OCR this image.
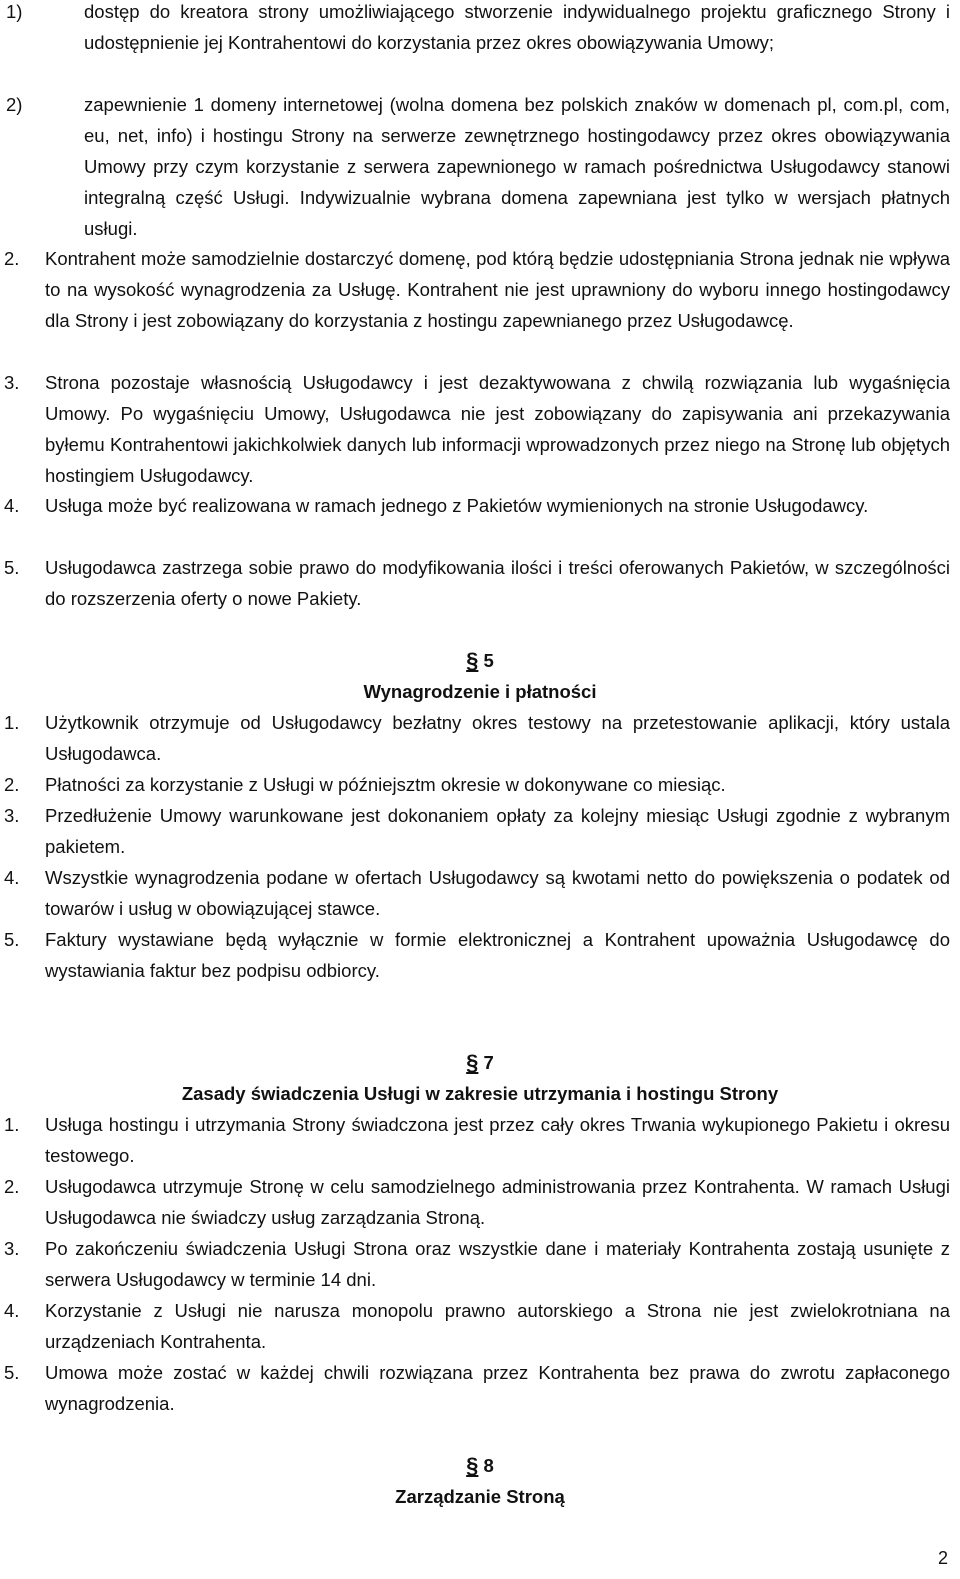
1)	dostęp do kreatora strony umożliwiającego stworzenie indywidualnego projektu graficznego Strony i udostępnienie jej Kontrahentowi do korzystania przez okres obowiązywania Umowy;
2)	zapewnienie 1 domeny internetowej (wolna domena bez polskich znaków w domenach pl, com.pl, com, eu, net, info) i hostingu Strony na serwerze zewnętrznego hostingodawcy przez okres obowiązywania Umowy przy czym korzystanie z serwera zapewnionego w ramach pośrednictwa Usługodawcy stanowi integralną część Usługi. Indywizualnie wybrana domena zapewniana jest tylko w wersjach płatnych usługi.
2.	Kontrahent może samodzielnie dostarczyć domenę, pod którą będzie udostępniania Strona jednak nie wpływa to na wysokość wynagrodzenia za Usługę. Kontrahent nie jest uprawniony do wyboru innego hostingodawcy dla Strony i jest zobowiązany do korzystania z hostingu zapewnianego przez Usługodawcę.
3.	Strona pozostaje własnością Usługodawcy i jest dezaktywowana z chwilą rozwiązania lub wygaśnięcia Umowy. Po wygaśnięciu Umowy, Usługodawca nie jest zobowiązany do zapisywania ani przekazywania byłemu Kontrahentowi jakichkolwiek danych lub informacji wprowadzonych przez niego na Stronę lub objętych hostingiem Usługodawcy.
4.	Usługa może być realizowana w ramach jednego z Pakietów wymienionych na stronie Usługodawcy.
5.	Usługodawca zastrzega sobie prawo do modyfikowania ilości i treści oferowanych Pakietów, w szczególności do rozszerzenia oferty o nowe Pakiety.
§ 5
Wynagrodzenie i płatności
1.	Użytkownik otrzymuje od Usługodawcy bezłatny okres testowy na przetestowanie aplikacji, który ustala Usługodawca.
2.	Płatności za korzystanie z Usługi w późniejsztm okresie w dokonywane co miesiąc.
3.	Przedłużenie Umowy warunkowane jest dokonaniem opłaty za kolejny miesiąc Usługi zgodnie z wybranym pakietem.
4.	Wszystkie wynagrodzenia podane w ofertach Usługodawcy są kwotami netto do powiększenia o podatek od towarów i usług w obowiązującej stawce.
5.	Faktury wystawiane będą wyłącznie w formie elektronicznej a Kontrahent upoważnia Usługodawcę do wystawiania faktur bez podpisu odbiorcy.
§ 7
Zasady świadczenia Usługi w zakresie utrzymania i hostingu Strony
1.	Usługa hostingu i utrzymania Strony świadczona jest przez cały okres Trwania wykupionego Pakietu i okresu testowego.
2.	Usługodawca utrzymuje Stronę w celu samodzielnego administrowania przez Kontrahenta. W ramach Usługi Usługodawca nie świadczy usług zarządzania Stroną.
3.	Po zakończeniu świadczenia Usługi Strona oraz wszystkie dane i materiały Kontrahenta zostają usunięte z serwera Usługodawcy w terminie 14 dni.
4.	Korzystanie z Usługi nie narusza monopolu prawno autorskiego a Strona nie jest zwielokrotniana na urządzeniach Kontrahenta.
5.	Umowa może zostać w każdej chwili rozwiązana przez Kontrahenta bez prawa do zwrotu zapłaconego wynagrodzenia.
§ 8
Zarządzanie Stroną
2
